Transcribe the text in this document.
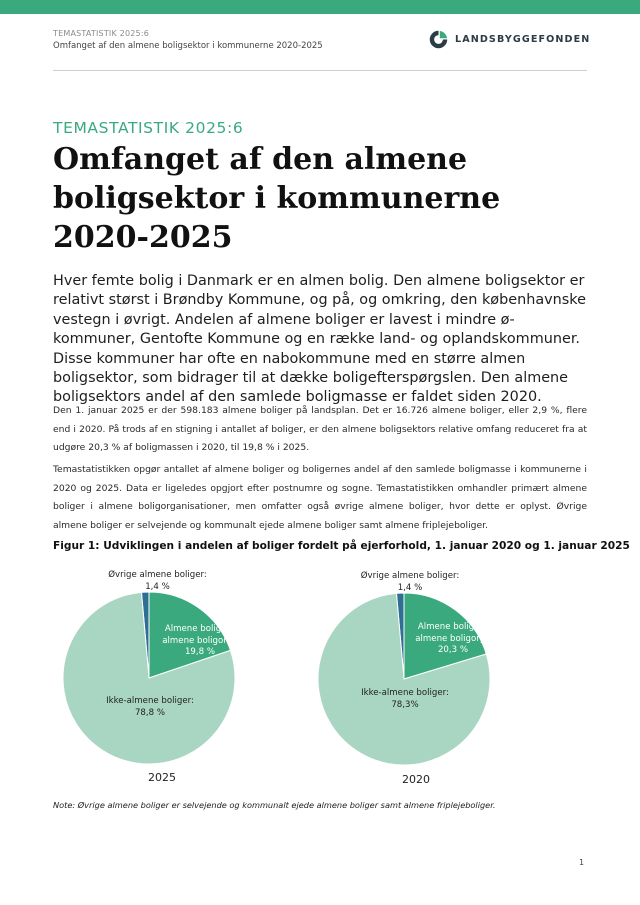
TEMASTATISTIK 2025:6
Omfanget af den almene boligsektor i kommunerne 2020-2025
LANDSBYGGEFONDEN
TEMASTATISTIK 2025:6
Omfanget af den almene
boligsektor i kommunerne
2020-2025

Hver femte bolig i Danmark er en almen bolig. Den almene boligsektor er relativt størst i Brøndby Kommune, og på, og omkring, den københavnske vestegn i øvrigt. Andelen af almene boliger er lavest i mindre ø-kommuner, Gentofte Kommune og en række land- og oplandskommuner. Disse kommuner har ofte en nabokommune med en større almen boligsektor, som bidrager til at dække boligefterspørgslen. Den almene boligsektors andel af den samlede boligmasse er faldet siden 2020.

Den 1. januar 2025 er der 598.183 almene boliger på landsplan. Det er 16.726 almene boliger, eller 2,9 %, flere end i 2020. På trods af en stigning i antallet af boliger, er den almene boligsektors relative omfang reduceret fra at udgøre 20,3 % af boligmassen i 2020, til 19,8 % i 2025.

Temastatistikken opgør antallet af almene boliger og boligernes andel af den samlede boligmasse i kommunerne i 2020 og 2025. Data er ligeledes opgjort efter postnumre og sogne. Temastatistikken omhandler primært almene boliger i almene boligorganisationer, men omfatter også øvrige almene boliger, hvor dette er oplyst. Øvrige almene boliger er selvejende og kommunalt ejede almene boliger samt almene friplejeboliger.

Figur 1: Udviklingen i andelen af boliger fordelt på ejerforhold, 1. januar 2020 og 1. januar 2025
Øvrige almene boliger:
1,4 %
Almene boliger i
almene boligorg.:
19,8 %
Ikke-almene boliger:
78,8 %
2025
Øvrige almene boliger:
1,4 %
Almene boliger i
almene boligorg.:
20,3 %
Ikke-almene boliger:
78,3%
2020
Note: Øvrige almene boliger er selvejende og kommunalt ejede almene boliger samt almene friplejeboliger.
1
